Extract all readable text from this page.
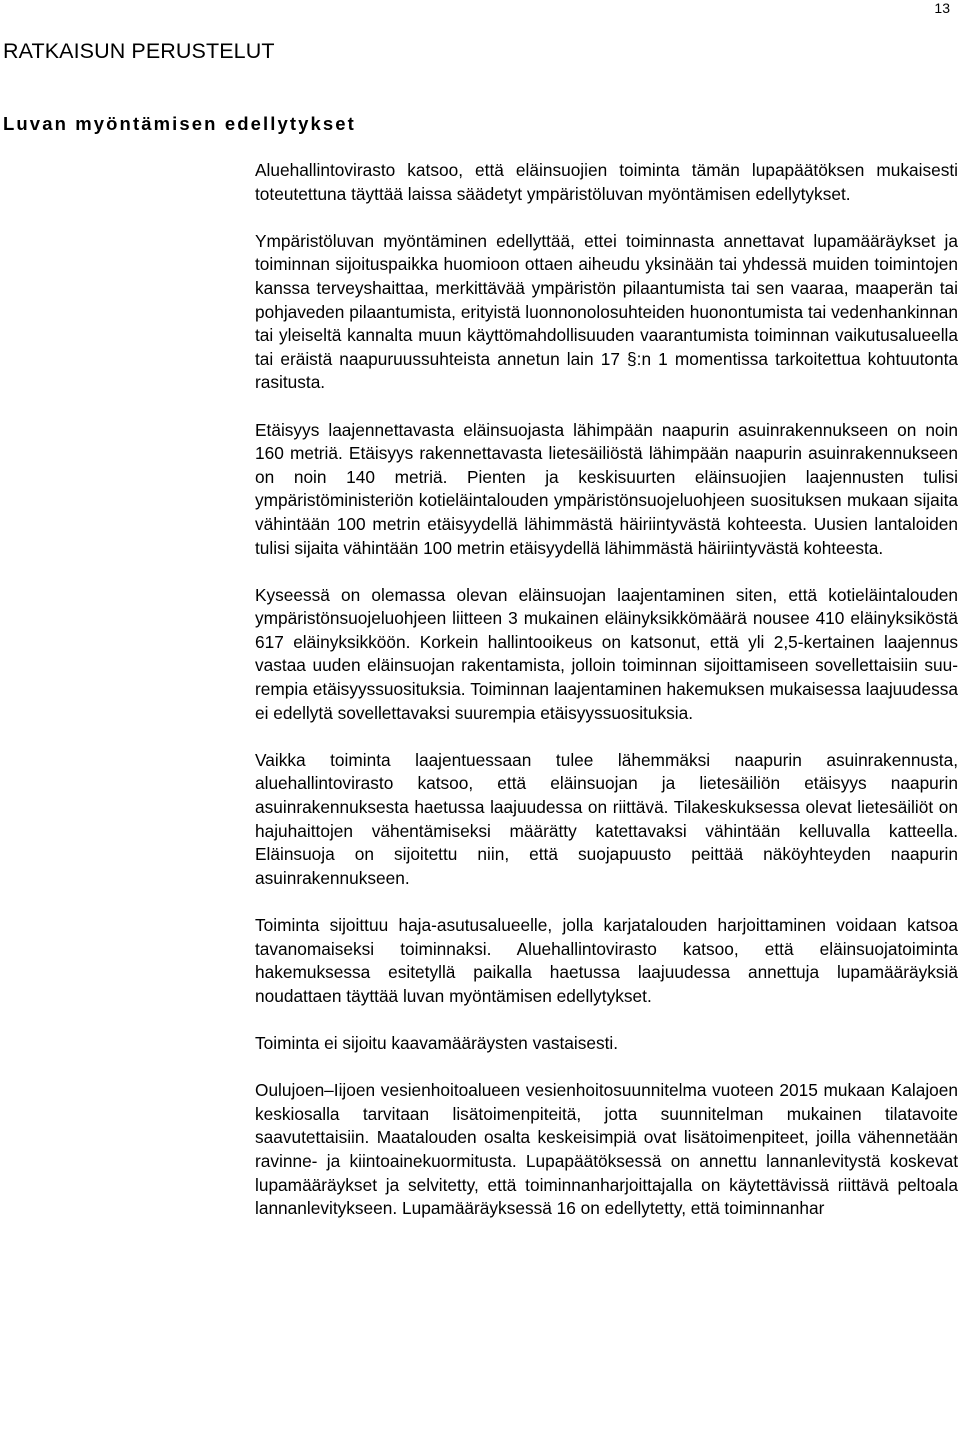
13
RATKAISUN PERUSTELUT
Luvan myöntämisen edellytykset

Aluehallintovirasto katsoo, että eläinsuojien toiminta tämän lupapäätöksen mukaisesti toteutettuna täyttää laissa säädetyt ympäristöluvan myöntämisen edellytykset.

Ympäristöluvan myöntäminen edellyttää, ettei toiminnasta annettavat lupamääräykset ja toiminnan sijoituspaikka huomioon ottaen aiheudu yksinään tai yhdessä muiden toimintojen kanssa terveyshaittaa, merkittävää ympäristön pilaantumista tai sen vaaraa, maaperän tai pohjaveden pilaantumista, erityistä luonnonolosuhteiden huonontumista tai vedenhankinnan tai yleiseltä kannalta muun käyttömahdollisuuden vaarantumista toiminnan vaikutusalueella tai eräistä naapuruussuhteista annetun lain 17 §:n 1 momentissa tarkoitettua kohtuutonta rasitusta.

Etäisyys laajennettavasta eläinsuojasta lähimpään naapurin asuinrakennukseen on noin 160 metriä. Etäisyys rakennettavasta lietesäiliöstä lähimpään naapurin asuinrakennukseen on noin 140 metriä. Pienten ja keskisuurten eläinsuojien laajennusten tulisi ympäristöministeriön kotieläintalouden ympäristönsuojeluohjeen suosituksen mukaan sijaita vähintään 100 metrin etäisyydellä lähimmästä häiriintyvästä kohteesta. Uusien lantaloiden tulisi sijaita vähintään 100 metrin etäisyydellä lähimmästä häiriintyvästä kohteesta.

Kyseessä on olemassa olevan eläinsuojan laajentaminen siten, että kotieläintalouden ympäristönsuojeluohjeen liitteen 3 mukainen eläinyksikkömäärä nousee 410 eläinyksiköstä 617 eläinyksikköön. Korkein hallintooikeus on katsonut, että yli 2,5-kertainen laajennus vastaa uuden eläinsuojan rakentamista, jolloin toiminnan sijoittamiseen sovellettaisiin suurempia etäisyyssuosituksia. Toiminnan laajentaminen hakemuksen mukaisessa laajuudessa ei edellytä sovellettavaksi suurempia etäisyyssuosituksia.

Vaikka toiminta laajentuessaan tulee lähemmäksi naapurin asuinrakennusta, aluehallintovirasto katsoo, että eläinsuojan ja lietesäiliön etäisyys naapurin asuinrakennuksesta haetussa laajuudessa on riittävä. Tilakeskuksessa olevat lietesäiliöt on hajuhaittojen vähentämiseksi määrätty katettavaksi vähintään kelluvalla katteella. Eläinsuoja on sijoitettu niin, että suojapuusto peittää näköyhteyden naapurin asuinrakennukseen.

Toiminta sijoittuu haja-asutusalueelle, jolla karjatalouden harjoittaminen voidaan katsoa tavanomaiseksi toiminnaksi. Aluehallintovirasto katsoo, että eläinsuojatoiminta hakemuksessa esitetyllä paikalla haetussa laajuudessa annettuja lupamääräyksiä noudattaen täyttää luvan myöntämisen edellytykset.

Toiminta ei sijoitu kaavamääräysten vastaisesti.

Oulujoen–Iijoen vesienhoitoalueen vesienhoitosuunnitelma vuoteen 2015 mukaan Kalajoen keskiosalla tarvitaan lisätoimenpiteitä, jotta suunnitelman mukainen tilatavoite saavutettaisiin. Maatalouden osalta keskeisimpiä ovat lisätoimenpiteet, joilla vähennetään ravinne- ja kiintoainekuormitusta. Lupapäätöksessä on annettu lannanlevitystä koskevat lupamääräykset ja selvitetty, että toiminnanharjoittajalla on käytettävissä riittävä peltoala lannanlevitykseen. Lupamääräyksessä 16 on edellytetty, että toiminnanhar
